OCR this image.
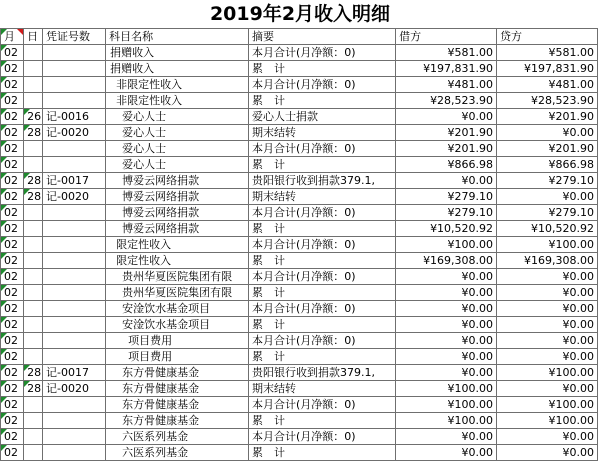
2019年2月收入明细
月	日	凭证号数	科目名称	摘要	借方	贷方

02			捐赠收入	本月合计(月净额：0)	¥581.00	¥581.00

02			捐赠收入	累　计	¥197,831.90	¥197,831.90

02			非限定性收入	本月合计(月净额：0)	¥481.00	¥481.00

02			非限定性收入	累　计	¥28,523.90	¥28,523.90

02	26	记-0016	爱心人士	爱心人士捐款	¥0.00	¥201.90

02	28	记-0020	爱心人士	期末结转	¥201.90	¥0.00

02			爱心人士	本月合计(月净额：0)	¥201.90	¥201.90

02			爱心人士	累　计	¥866.98	¥866.98

02	28	记-0017	博爱云网络捐款	贵阳银行收到捐款379.1,	¥0.00	¥279.10

02	28	记-0020	博爱云网络捐款	期末结转	¥279.10	¥0.00

02			博爱云网络捐款	本月合计(月净额：0)	¥279.10	¥279.10

02			博爱云网络捐款	累　计	¥10,520.92	¥10,520.92

02			限定性收入	本月合计(月净额：0)	¥100.00	¥100.00

02			限定性收入	累　计	¥169,308.00	¥169,308.00

02			贵州华夏医院集团有限	本月合计(月净额：0)	¥0.00	¥0.00

02			贵州华夏医院集团有限	累　计	¥0.00	¥0.00

02			安淦饮水基金项目	本月合计(月净额：0)	¥0.00	¥0.00

02			安淦饮水基金项目	累　计	¥0.00	¥0.00

02			项目费用	本月合计(月净额：0)	¥0.00	¥0.00

02			项目费用	累　计	¥0.00	¥0.00

02	28	记-0017	东方骨健康基金	贵阳银行收到捐款379.1,	¥0.00	¥100.00

02	28	记-0020	东方骨健康基金	期末结转	¥100.00	¥0.00

02			东方骨健康基金	本月合计(月净额：0)	¥100.00	¥100.00

02			东方骨健康基金	累　计	¥100.00	¥100.00

02			六医系列基金	本月合计(月净额：0)	¥0.00	¥0.00

02			六医系列基金	累　计	¥0.00	¥0.00
